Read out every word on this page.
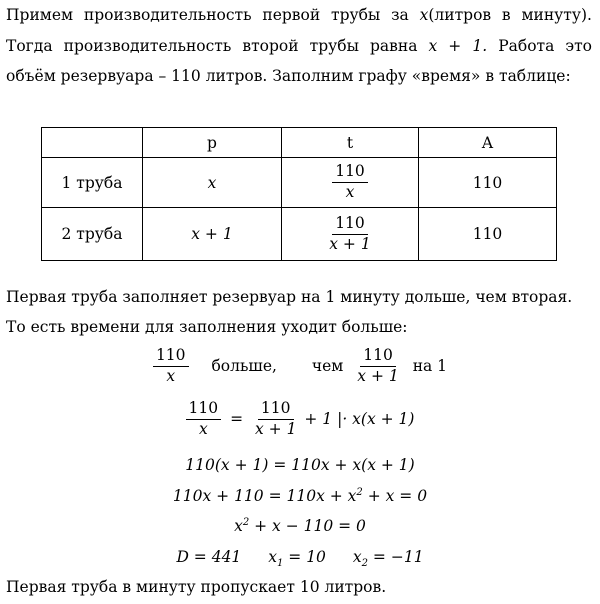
Примем производительность первой трубы за x(литров в минуту).
Тогда производительность второй трубы равна x + 1. Работа это
объём резервуара – 110 литров. Заполним графу «время» в таблице:
	p	t	A
1 труба	x	$\frac{110}{x}$	110
2 труба	x + 1	$\frac{110}{x + 1}$	110
Первая труба заполняет резервуар на 1 минуту дольше, чем вторая.
То есть времени для заполнения уходит больше:
$\frac{110}{x}$ больше, чем $\frac{110}{x + 1}$ на 1
$\frac{110}{x} = \frac{110}{x + 1} + 1$ |· x(x + 1)
110(x + 1) = 110x + x(x + 1)
$110x + 110 = 110x + x^2 + x = 0$
$x^2 + x - 110 = 0$
D = 441 $x_1 = 10$ $x_2 = -11$
Первая труба в минуту пропускает 10 литров.
